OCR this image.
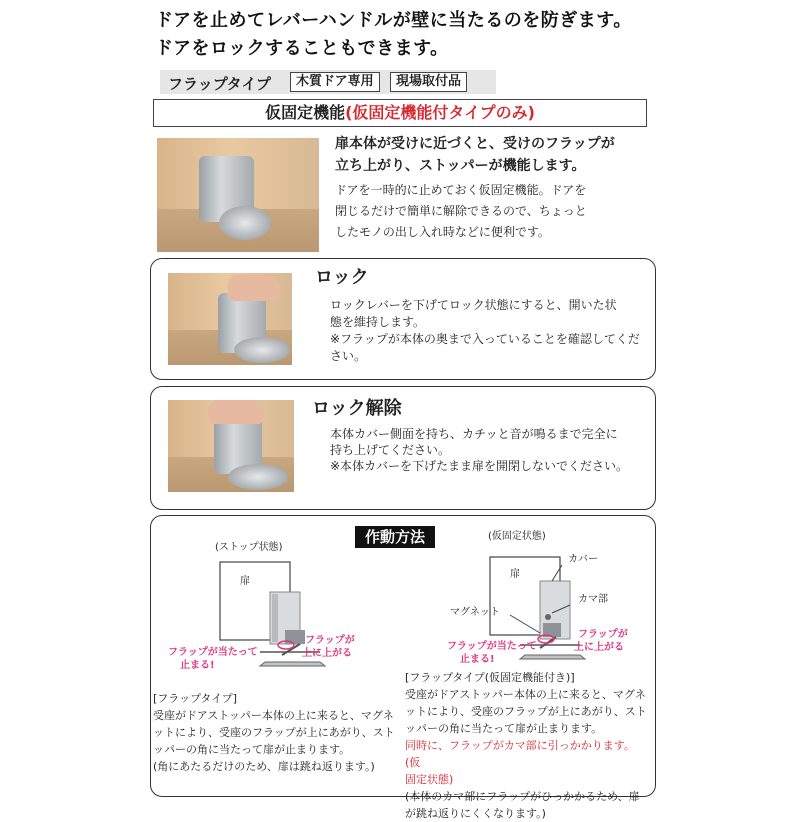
ドアを止めてレバーハンドルが壁に当たるのを防ぎます。
ドアをロックすることもできます。
フラップタイプ	木質ドア専用	現場取付品
仮固定機能(仮固定機能付タイプのみ)
扉本体が受けに近づくと、受けのフラップが
立ち上がり、ストッパーが機能します。
ドアを一時的に止めておく仮固定機能。ドアを
閉じるだけで簡単に解除できるので、ちょっと
したモノの出し入れ時などに便利です。
ロック
ロックレバーを下げてロック状態にすると、開いた状
態を維持します。
※フラップが本体の奥まで入っていることを確認してくだ
さい。
ロック解除
本体カバー側面を持ち、カチッと音が鳴るまで完全に
持ち上げてください。
※本体カバーを下げたまま扉を開閉しないでください。
作動方法
(ストップ状態)
扉
フラップが当たって
止まる!
フラップが
上に上がる
(仮固定状態)
扉
カバー
カマ部
マグネット
フラップが当たって
止まる!
フラップが
上に上がる
[フラップタイプ]
受座がドアストッパー本体の上に来ると、マグネ
ットにより、受座のフラップが上にあがり、スト
ッパーの角に当たって扉が止まります。
(角にあたるだけのため、扉は跳ね返ります。)
[フラップタイプ(仮固定機能付き)]
受座がドアストッパー本体の上に来ると、マグネ
ットにより、受座のフラップが上にあがり、スト
ッパーの角に当たって扉が止まります。
同時に、フラップがカマ部に引っかかります。(仮
固定状態)
(本体のカマ部にフラップがひっかかるため、扉
が跳ね返りにくくなります。)
